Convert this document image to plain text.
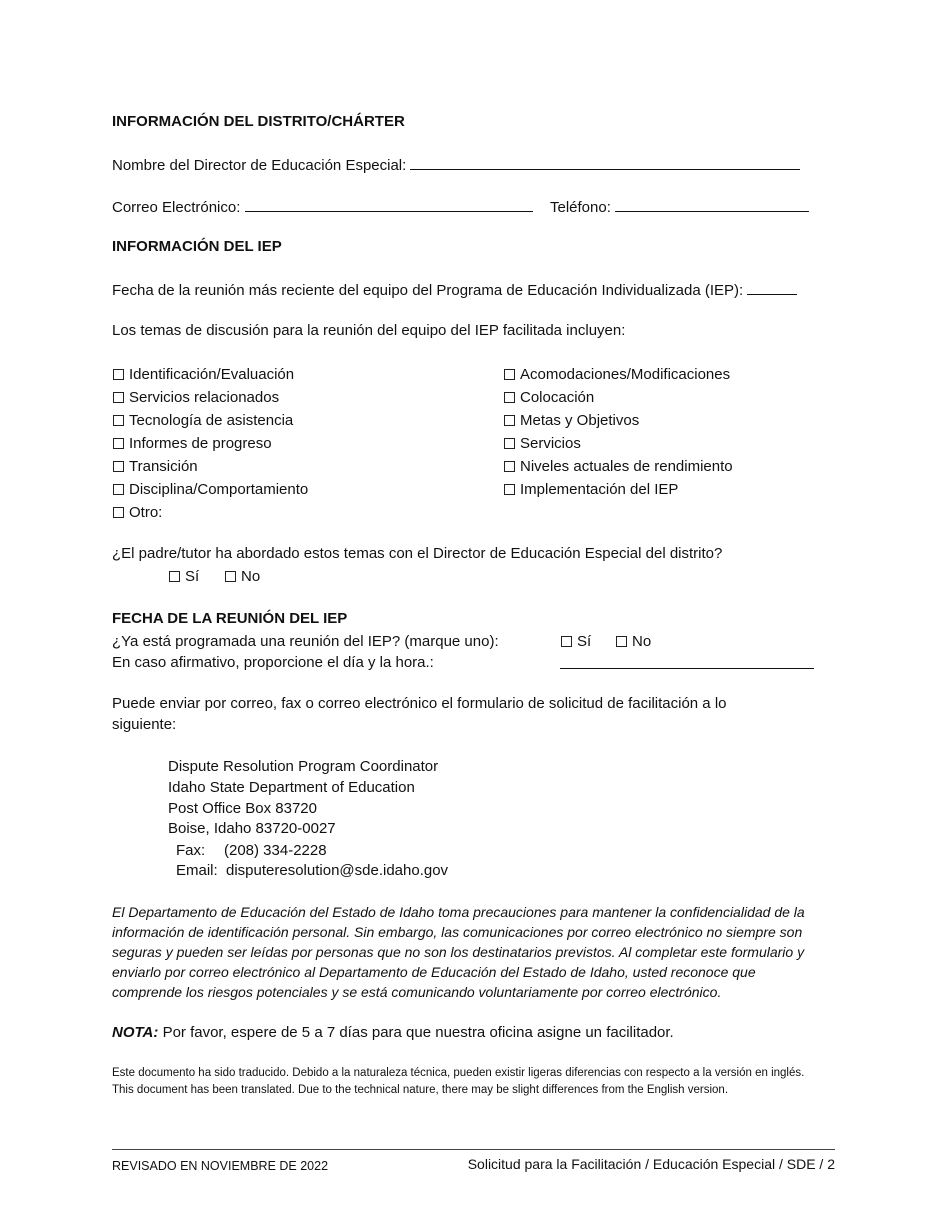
INFORMACIÓN DEL DISTRITO/CHÁRTER
Nombre del Director de Educación Especial:
Correo Electrónico:	Teléfono:
INFORMACIÓN DEL IEP
Fecha de la reunión más reciente del equipo del Programa de Educación Individualizada (IEP):
Los temas de discusión para la reunión del equipo del IEP facilitada incluyen:
Identificación/Evaluación
Servicios relacionados
Tecnología de asistencia
Informes de progreso
Transición
Disciplina/Comportamiento
Otro:
Acomodaciones/Modificaciones
Colocación
Metas y Objetivos
Servicios
Niveles actuales de rendimiento
Implementación del IEP
¿El padre/tutor ha abordado estos temas con el Director de Educación Especial del distrito?
Sí	No
FECHA DE LA REUNIÓN DEL IEP
¿Ya está programada una reunión del IEP? (marque uno):	Sí	No
En caso afirmativo, proporcione el día y la hora.:
Puede enviar por correo, fax o correo electrónico el formulario de solicitud de facilitación a lo
siguiente:
Dispute Resolution Program Coordinator
Idaho State Department of Education
Post Office Box 83720
Boise, Idaho 83720-0027
Fax: (208) 334-2228
Email: disputeresolution@sde.idaho.gov
El Departamento de Educación del Estado de Idaho toma precauciones para mantener la confidencialidad de la
información de identificación personal. Sin embargo, las comunicaciones por correo electrónico no siempre son
seguras y pueden ser leídas por personas que no son los destinatarios previstos. Al completar este formulario y
enviarlo por correo electrónico al Departamento de Educación del Estado de Idaho, usted reconoce que
comprende los riesgos potenciales y se está comunicando voluntariamente por correo electrónico.
NOTA: Por favor, espere de 5 a 7 días para que nuestra oficina asigne un facilitador.
Este documento ha sido traducido. Debido a la naturaleza técnica, pueden existir ligeras diferencias con respecto a la versión en inglés.
This document has been translated. Due to the technical nature, there may be slight differences from the English version.
REVISADO EN NOVIEMBRE DE 2022	Solicitud para la Facilitación / Educación Especial / SDE / 2
